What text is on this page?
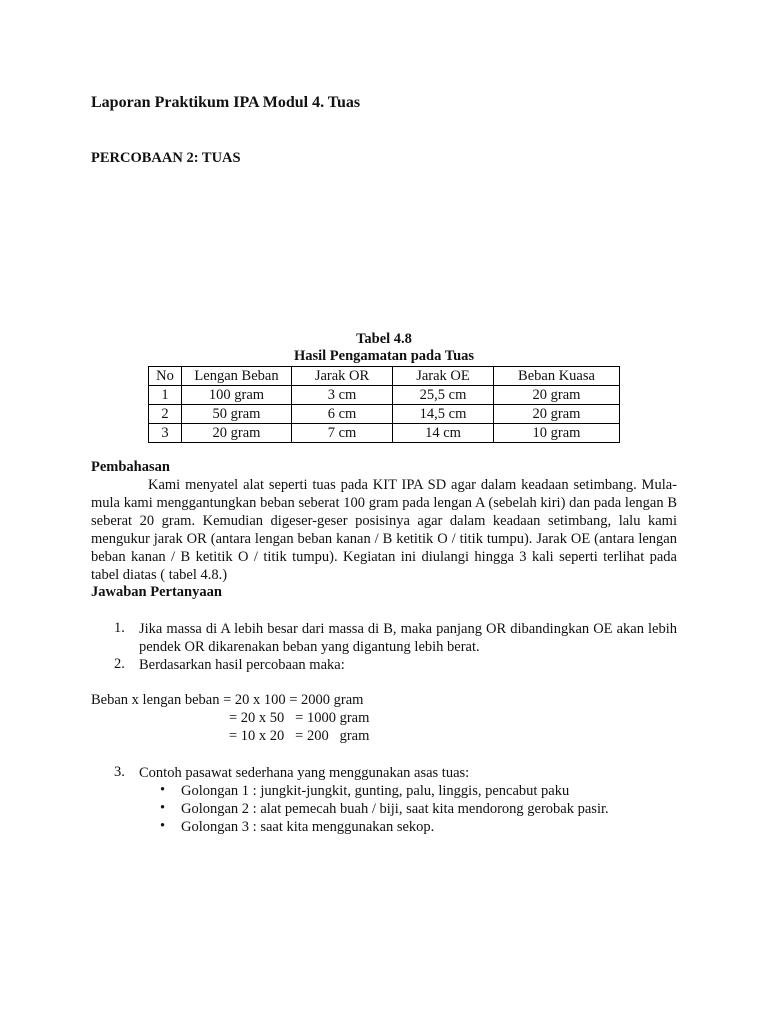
Laporan Praktikum IPA Modul 4. Tuas
PERCOBAAN 2: TUAS
Tabel 4.8
Hasil Pengamatan pada Tuas
No	Lengan Beban	Jarak OR	Jarak OE	Beban Kuasa
1	100 gram	3 cm	25,5 cm	20 gram
2	50 gram	6 cm	14,5 cm	20 gram
3	20 gram	7 cm	14 cm	10 gram
Pembahasan

Kami menyatel alat seperti tuas pada KIT IPA SD agar dalam keadaan setimbang. Mula-mula kami menggantungkan beban seberat 100 gram pada lengan A (sebelah kiri) dan pada lengan B seberat 20 gram. Kemudian digeser-geser posisinya agar dalam keadaan setimbang, lalu kami mengukur jarak OR (antara lengan beban kanan / B ketitik O / titik tumpu). Jarak OE (antara lengan beban kanan / B ketitik O / titik tumpu). Kegiatan ini diulangi hingga 3 kali seperti terlihat pada tabel diatas ( tabel 4.8.)

Jawaban Pertanyaan
1. Jika massa di A lebih besar dari massa di B, maka panjang OR dibandingkan OE akan lebih pendek OR dikarenakan beban yang digantung lebih berat.
2. Berdasarkan hasil percobaan maka:
Beban x lengan beban = 20 x 100 = 2000 gram
= 20 x 50   = 1000 gram
= 10 x 20   = 200   gram
3. Contoh pasawat sederhana yang menggunakan asas tuas:
• Golongan 1 : jungkit-jungkit, gunting, palu, linggis, pencabut paku
• Golongan 2 : alat pemecah buah / biji, saat kita mendorong gerobak pasir.
• Golongan 3 : saat kita menggunakan sekop.
